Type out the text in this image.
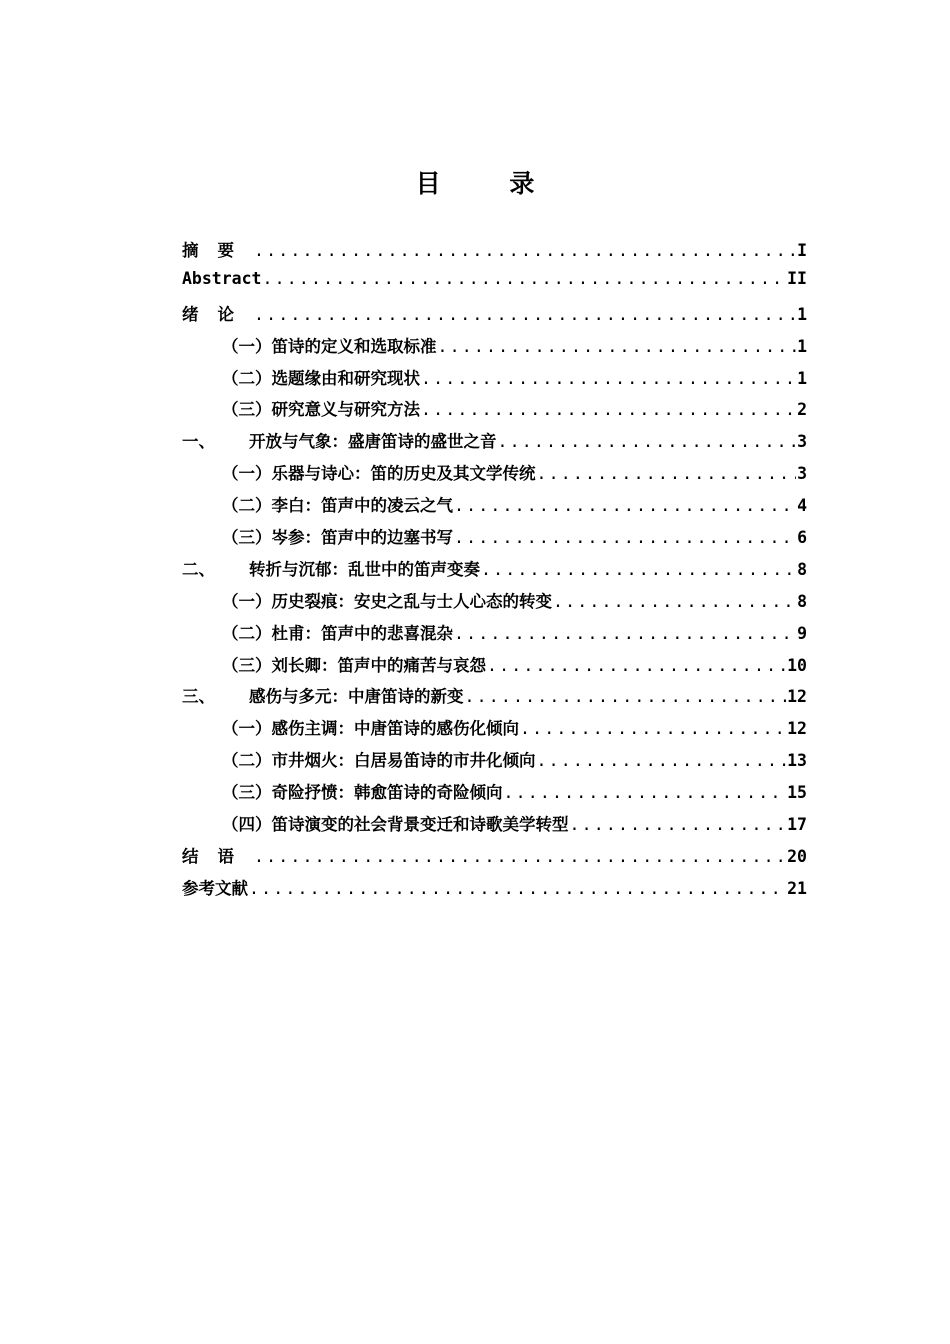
目 录
摘要 .....	I
Abstract .....	II
绪论 .....	1
（一）笛诗的定义和选取标准 .....	1
（二）选题缘由和研究现状 .....	1
（三）研究意义与研究方法 .....	2
一、 开放与气象：盛唐笛诗的盛世之音 .....	3
（一）乐器与诗心：笛的历史及其文学传统 .....	3
（二）李白：笛声中的凌云之气 .....	4
（三）岑参：笛声中的边塞书写 .....	6
二、 转折与沉郁：乱世中的笛声变奏 .....	8
（一）历史裂痕：安史之乱与士人心态的转变 .....	8
（二）杜甫：笛声中的悲喜混杂 .....	9
（三）刘长卿：笛声中的痛苦与哀怨 .....	10
三、 感伤与多元：中唐笛诗的新变 .....	12
（一）感伤主调：中唐笛诗的感伤化倾向 .....	12
（二）市井烟火：白居易笛诗的市井化倾向 .....	13
（三）奇险抒愤：韩愈笛诗的奇险倾向 .....	15
（四）笛诗演变的社会背景变迁和诗歌美学转型 .....	17
结语 .....	20
参考文献 .....	21
